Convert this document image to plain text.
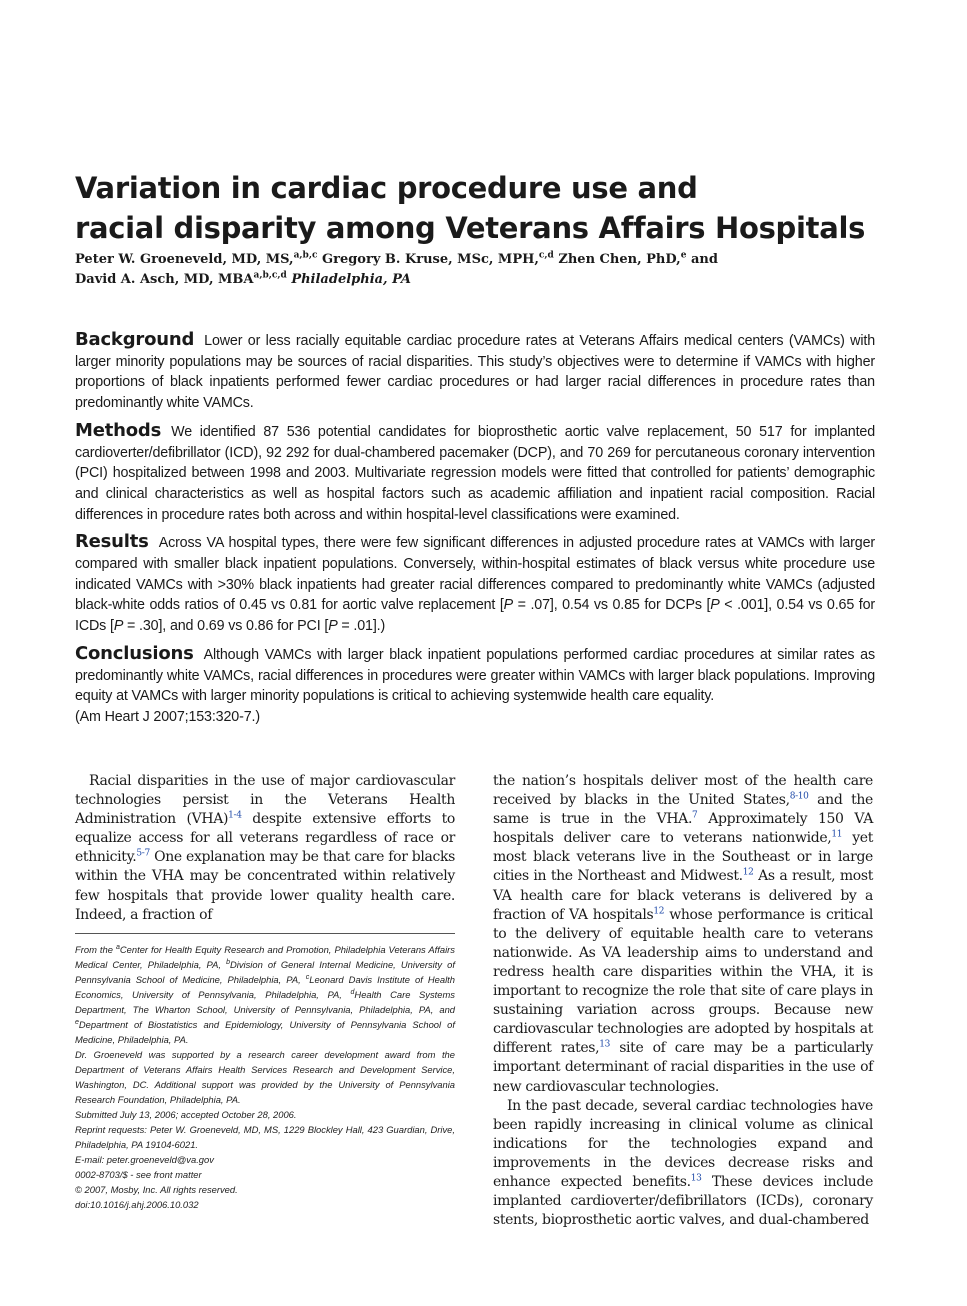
Variation in cardiac procedure use and
racial disparity among Veterans Affairs Hospitals
Peter W. Groeneveld, MD, MS,$^{a,b,c}$ Gregory B. Kruse, MSc, MPH,$^{c,d}$ Zhen Chen, PhD,$^e$ and
David A. Asch, MD, MBA$^{a,b,c,d}$ Philadelphia, PA

Background Lower or less racially equitable cardiac procedure rates at Veterans Affairs medical centers (VAMCs) with larger minority populations may be sources of racial disparities. This study’s objectives were to determine if VAMCs with higher proportions of black inpatients performed fewer cardiac procedures or had larger racial differences in procedure rates than predominantly white VAMCs.

Methods We identified 87 536 potential candidates for bioprosthetic aortic valve replacement, 50 517 for implanted cardioverter/defibrillator (ICD), 92 292 for dual-chambered pacemaker (DCP), and 70 269 for percutaneous coronary intervention (PCI) hospitalized between 1998 and 2003. Multivariate regression models were fitted that controlled for patients’ demographic and clinical characteristics as well as hospital factors such as academic affiliation and inpatient racial composition. Racial differences in procedure rates both across and within hospital-level classifications were examined.

Results Across VA hospital types, there were few significant differences in adjusted procedure rates at VAMCs with larger compared with smaller black inpatient populations. Conversely, within-hospital estimates of black versus white procedure use indicated VAMCs with >30% black inpatients had greater racial differences compared to predominantly white VAMCs (adjusted black-white odds ratios of 0.45 vs 0.81 for aortic valve replacement [P = .07], 0.54 vs 0.85 for DCPs [P < .001], 0.54 vs 0.65 for ICDs [P = .30], and 0.69 vs 0.86 for PCI [P = .01].)

Conclusions Although VAMCs with larger black inpatient populations performed cardiac procedures at similar rates as predominantly white VAMCs, racial differences in procedures were greater within VAMCs with larger black populations. Improving equity at VAMCs with larger minority populations is critical to achieving systemwide health care equality.
(Am Heart J 2007;153:320-7.)

Racial disparities in the use of major cardiovascular technologies persist in the Veterans Health Administration (VHA)$^{1-4}$ despite extensive efforts to equalize access for all veterans regardless of race or ethnicity.$^{5-7}$ One explanation may be that care for blacks within the VHA may be concentrated within relatively few hospitals that provide lower quality health care. Indeed, a fraction of

From the $^a$Center for Health Equity Research and Promotion, Philadelphia Veterans Affairs Medical Center, Philadelphia, PA, $^b$Division of General Internal Medicine, University of Pennsylvania School of Medicine, Philadelphia, PA, $^c$Leonard Davis Institute of Health Economics, University of Pennsylvania, Philadelphia, PA, $^d$Health Care Systems Department, The Wharton School, University of Pennsylvania, Philadelphia, PA, and $^e$Department of Biostatistics and Epidemiology, University of Pennsylvania School of Medicine, Philadelphia, PA.

Dr. Groeneveld was supported by a research career development award from the Department of Veterans Affairs Health Services Research and Development Service, Washington, DC. Additional support was provided by the University of Pennsylvania Research Foundation, Philadelphia, PA.

Submitted July 13, 2006; accepted October 28, 2006.

Reprint requests: Peter W. Groeneveld, MD, MS, 1229 Blockley Hall, 423 Guardian, Drive, Philadelphia, PA 19104-6021.

E-mail: peter.groeneveld@va.gov

0002-8703/$ - see front matter

© 2007, Mosby, Inc. All rights reserved.

doi:10.1016/j.ahj.2006.10.032

the nation’s hospitals deliver most of the health care received by blacks in the United States,$^{8-10}$ and the same is true in the VHA.$^7$ Approximately 150 VA hospitals deliver care to veterans nationwide,$^{11}$ yet most black veterans live in the Southeast or in large cities in the Northeast and Midwest.$^{12}$ As a result, most VA health care for black veterans is delivered by a fraction of VA hospitals$^{12}$ whose performance is critical to the delivery of equitable health care to veterans nationwide. As VA leadership aims to understand and redress health care disparities within the VHA, it is important to recognize the role that site of care plays in sustaining variation across groups. Because new cardiovascular technologies are adopted by hospitals at different rates,$^{13}$ site of care may be a particularly important determinant of racial disparities in the use of new cardiovascular technologies.

In the past decade, several cardiac technologies have been rapidly increasing in clinical volume as clinical indications for the technologies expand and improvements in the devices decrease risks and enhance expected benefits.$^{13}$ These devices include implanted cardioverter/defibrillators (ICDs), coronary stents, bioprosthetic aortic valves, and dual-chambered
